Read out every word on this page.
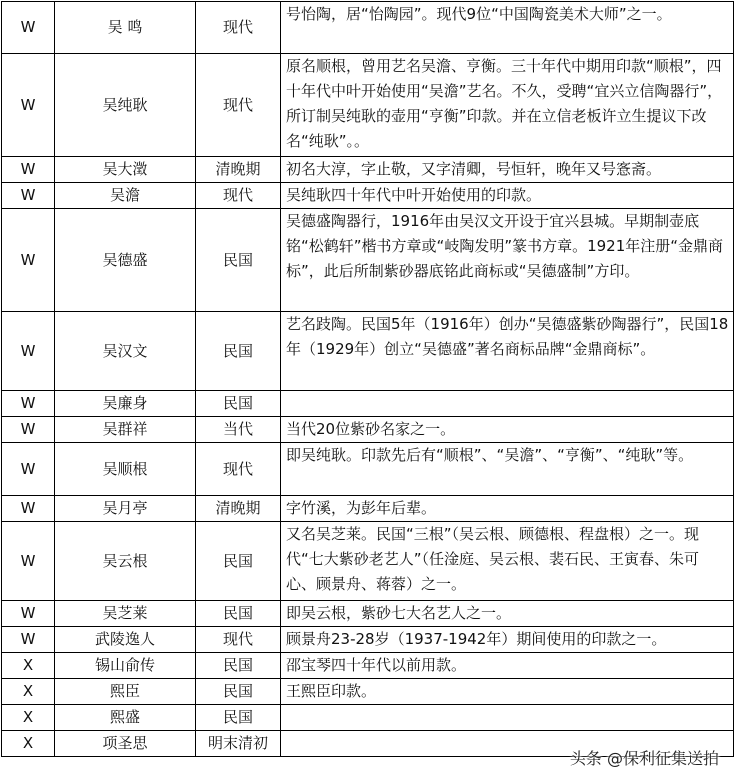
W	吴 鸣	现代	号怡陶，居“怡陶园”。现代9位“中国陶瓷美术大师”之一。
W	吴纯耿	现代	原名顺根，曾用艺名吴澹、亨衡。三十年代中期用印款“顺根”，四十年代中叶开始使用“吴澹”艺名。不久，受聘“宜兴立信陶器行”，所订制吴纯耿的壶用“亨衡”印款。并在立信老板许立生提议下改名“纯耿”。。
W	吴大澂	清晚期	初名大淳，字止敬，又字清卿，号恒轩，晚年又号愙斋。
W	吴澹	现代	吴纯耿四十年代中叶开始使用的印款。
W	吴德盛	民国	吴德盛陶器行，1916年由吴汉文开设于宜兴县城。早期制壶底铭“松鹤轩”楷书方章或“岐陶发明”篆书方章。1921年注册“金鼎商标”，此后所制紫砂器底铭此商标或“吴德盛制”方印。
W	吴汉文	民国	艺名跂陶。民国5年（1916年）创办“吴德盛紫砂陶器行”，民国18年（1929年）创立“吴德盛”著名商标品牌“金鼎商标”。
W	吴廉身	民国	
W	吴群祥	当代	当代20位紫砂名家之一。
W	吴顺根	现代	即吴纯耿。印款先后有“顺根”、“吴澹”、“亨衡”、“纯耿”等。
W	吴月亭	清晚期	字竹溪，为彭年后辈。
W	吴云根	民国	又名吴芝莱。民国“三根”（吴云根、顾德根、程盘根）之一。现代“七大紫砂老艺人”（任淦庭、吴云根、裴石民、王寅春、朱可心、顾景舟、蒋蓉）之一。
W	吴芝莱	民国	即吴云根，紫砂七大名艺人之一。
W	武陵逸人	现代	顾景舟23-28岁（1937-1942年）期间使用的印款之一。
X	锡山俞传	民国	邵宝琴四十年代以前用款。
X	熙臣	民国	王熙臣印款。
X	熙盛	民国	
X	项圣思	明末清初	
头条 @保利征集送拍
